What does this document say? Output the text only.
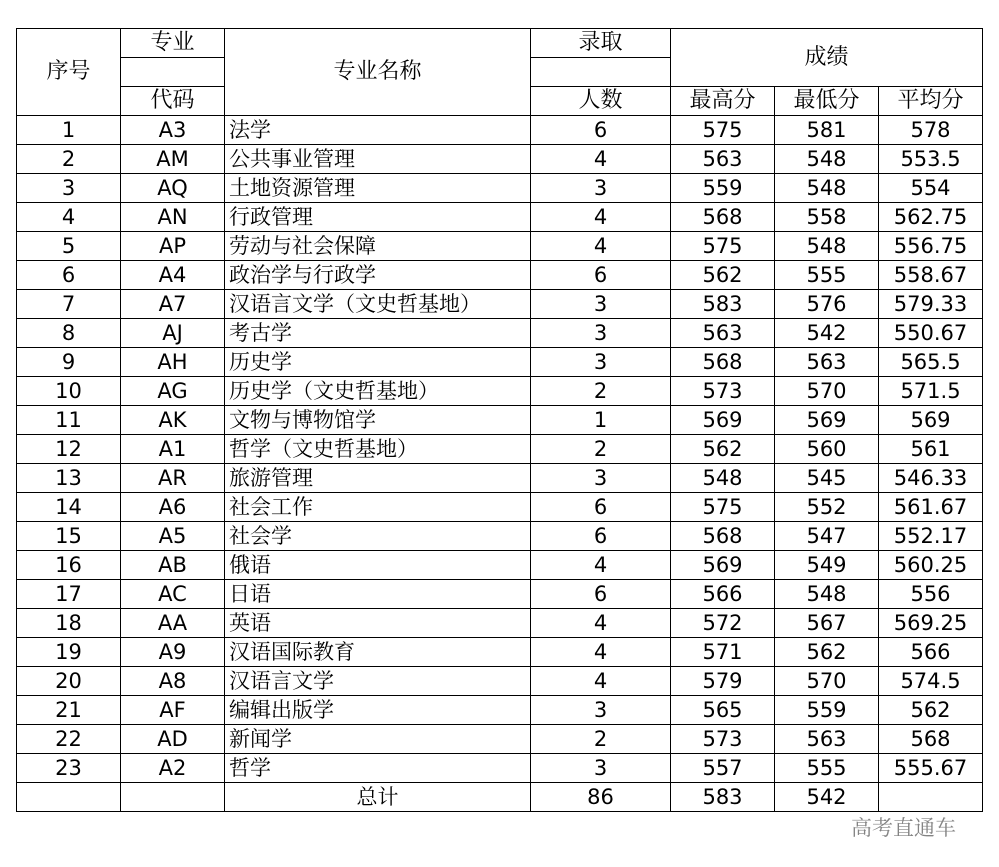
序号	专业	专业名称	录取	成绩		

	代码		人数	最高分	最低分	平均分
1	A3	法学	6	575	581	578
2	AM	公共事业管理	4	563	548	553.5
3	AQ	土地资源管理	3	559	548	554
4	AN	行政管理	4	568	558	562.75
5	AP	劳动与社会保障	4	575	548	556.75
6	A4	政治学与行政学	6	562	555	558.67
7	A7	汉语言文学（文史哲基地）	3	583	576	579.33
8	AJ	考古学	3	563	542	550.67
9	AH	历史学	3	568	563	565.5
10	AG	历史学（文史哲基地）	2	573	570	571.5
11	AK	文物与博物馆学	1	569	569	569
12	A1	哲学（文史哲基地）	2	562	560	561
13	AR	旅游管理	3	548	545	546.33
14	A6	社会工作	6	575	552	561.67
15	A5	社会学	6	568	547	552.17
16	AB	俄语	4	569	549	560.25
17	AC	日语	6	566	548	556
18	AA	英语	4	572	567	569.25
19	A9	汉语国际教育	4	571	562	566
20	A8	汉语言文学	4	579	570	574.5
21	AF	编辑出版学	3	565	559	562
22	AD	新闻学	2	573	563	568
23	A2	哲学	3	557	555	555.67
		总计	86	583	542	
高考直通车
